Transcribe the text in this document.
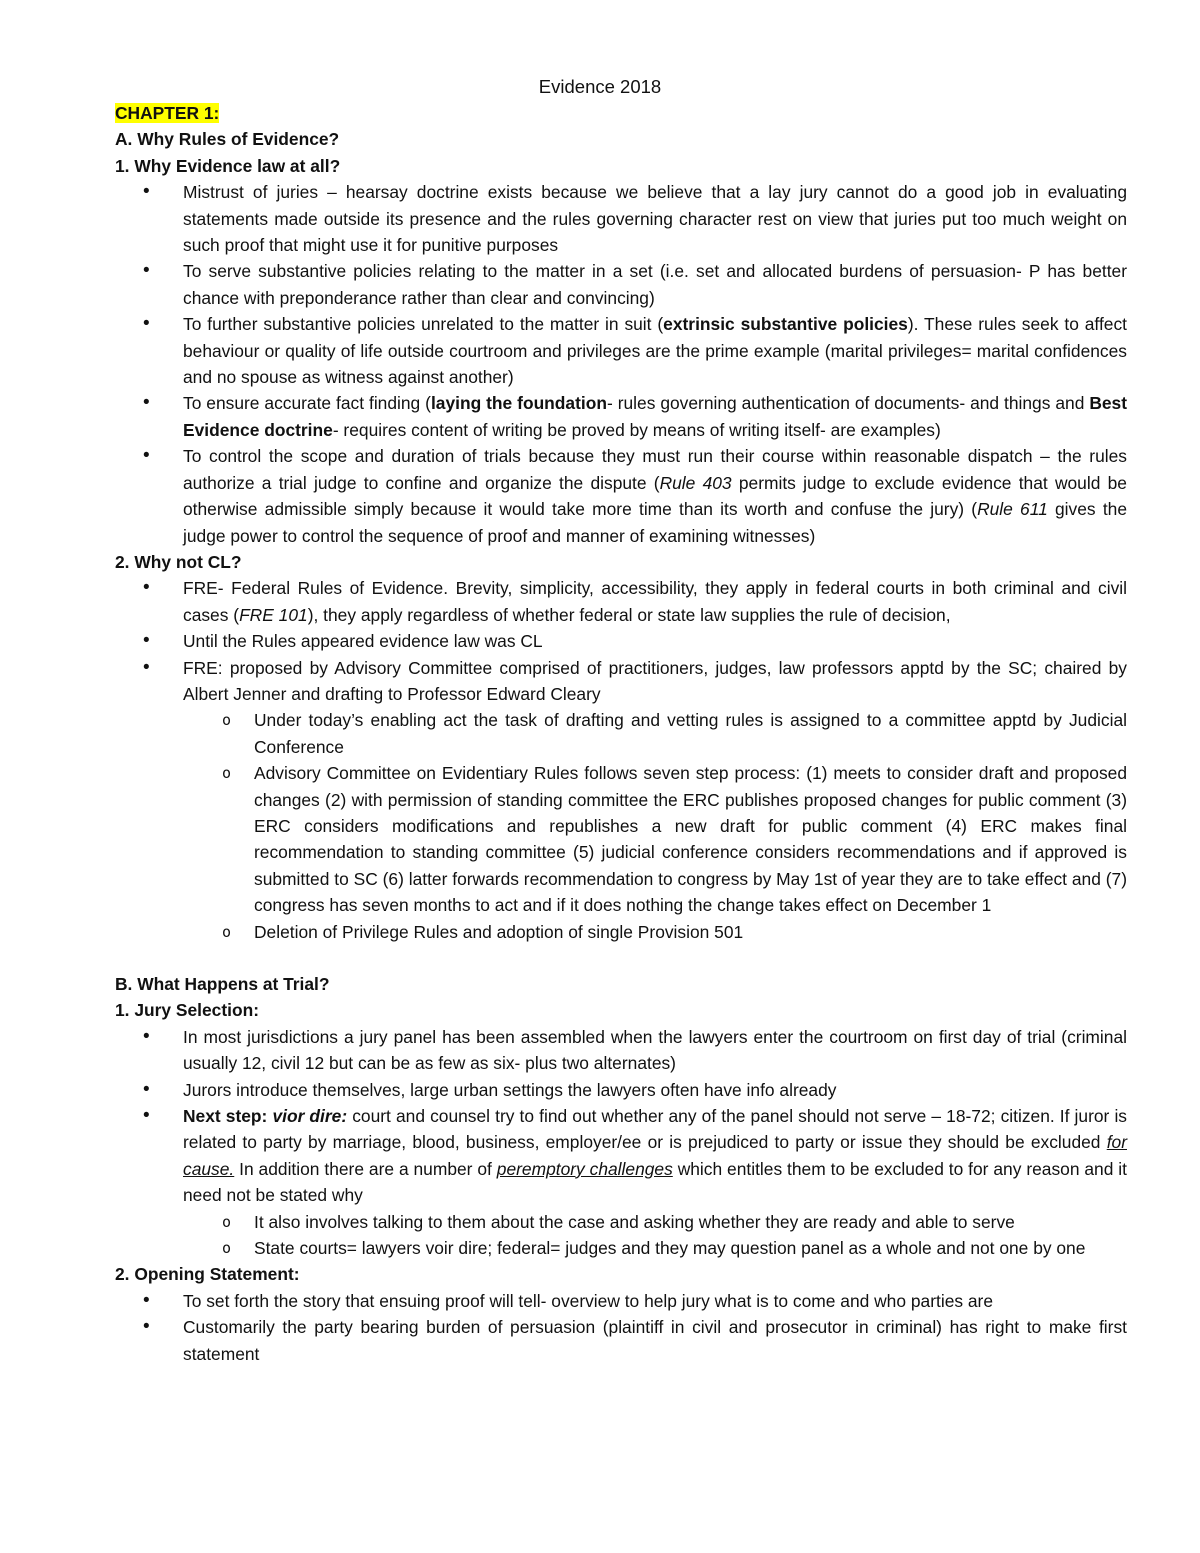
Evidence 2018
CHAPTER 1:
A. Why Rules of Evidence?
1. Why Evidence law at all?
• Mistrust of juries – hearsay doctrine exists because we believe that a lay jury cannot do a good job in evaluating statements made outside its presence and the rules governing character rest on view that juries put too much weight on such proof that might use it for punitive purposes
• To serve substantive policies relating to the matter in a set (i.e. set and allocated burdens of persuasion- P has better chance with preponderance rather than clear and convincing)
• To further substantive policies unrelated to the matter in suit (extrinsic substantive policies). These rules seek to affect behaviour or quality of life outside courtroom and privileges are the prime example (marital privileges= marital confidences and no spouse as witness against another)
• To ensure accurate fact finding (laying the foundation- rules governing authentication of documents- and things and Best Evidence doctrine- requires content of writing be proved by means of writing itself- are examples)
• To control the scope and duration of trials because they must run their course within reasonable dispatch – the rules authorize a trial judge to confine and organize the dispute (Rule 403 permits judge to exclude evidence that would be otherwise admissible simply because it would take more time than its worth and confuse the jury) (Rule 611 gives the judge power to control the sequence of proof and manner of examining witnesses)
2. Why not CL?
• FRE- Federal Rules of Evidence. Brevity, simplicity, accessibility, they apply in federal courts in both criminal and civil cases (FRE 101), they apply regardless of whether federal or state law supplies the rule of decision,
• Until the Rules appeared evidence law was CL
• FRE: proposed by Advisory Committee comprised of practitioners, judges, law professors apptd by the SC; chaired by Albert Jenner and drafting to Professor Edward Cleary
o Under today’s enabling act the task of drafting and vetting rules is assigned to a committee apptd by Judicial Conference
o Advisory Committee on Evidentiary Rules follows seven step process: (1) meets to consider draft and proposed changes (2) with permission of standing committee the ERC publishes proposed changes for public comment (3) ERC considers modifications and republishes a new draft for public comment (4) ERC makes final recommendation to standing committee (5) judicial conference considers recommendations and if approved is submitted to SC (6) latter forwards recommendation to congress by May 1st of year they are to take effect and (7) congress has seven months to act and if it does nothing the change takes effect on December 1
o Deletion of Privilege Rules and adoption of single Provision 501
B. What Happens at Trial?
1. Jury Selection:
• In most jurisdictions a jury panel has been assembled when the lawyers enter the courtroom on first day of trial (criminal usually 12, civil 12 but can be as few as six- plus two alternates)
• Jurors introduce themselves, large urban settings the lawyers often have info already
• Next step: vior dire: court and counsel try to find out whether any of the panel should not serve – 18-72; citizen. If juror is related to party by marriage, blood, business, employer/ee or is prejudiced to party or issue they should be excluded for cause. In addition there are a number of peremptory challenges which entitles them to be excluded to for any reason and it need not be stated why
o It also involves talking to them about the case and asking whether they are ready and able to serve
o State courts= lawyers voir dire; federal= judges and they may question panel as a whole and not one by one
2. Opening Statement:
• To set forth the story that ensuing proof will tell- overview to help jury what is to come and who parties are
• Customarily the party bearing burden of persuasion (plaintiff in civil and prosecutor in criminal) has right to make first statement
